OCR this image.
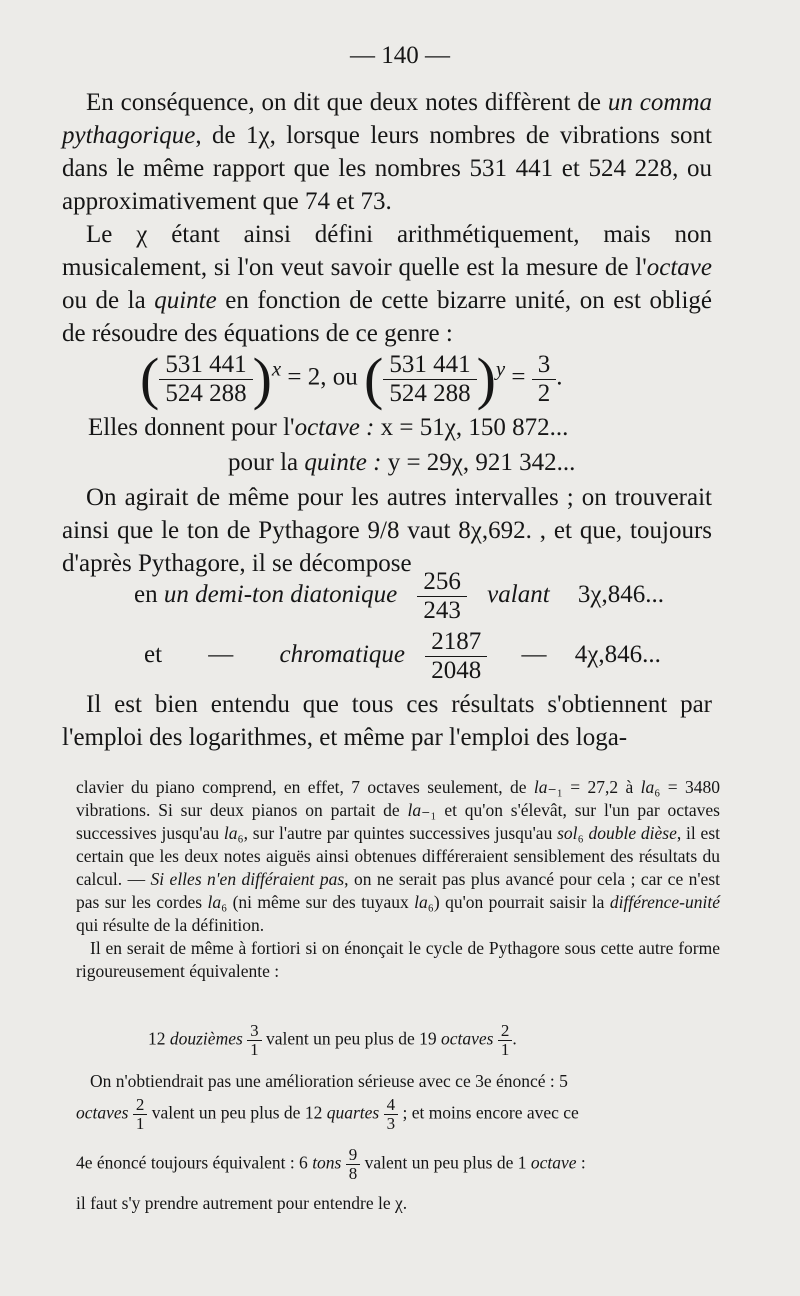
— 140 —

En conséquence, on dit que deux notes diffèrent de un comma pythagorique, de 1χ, lorsque leurs nombres de vibrations sont dans le même rapport que les nombres 531 441 et 524 228, ou approximativement que 74 et 73.

Le χ étant ainsi défini arithmétiquement, mais non musicalement, si l'on veut savoir quelle est la mesure de l'octave ou de la quinte en fonction de cette bizarre unité, on est obligé de résoudre des équations de ce genre :

( $\frac{531 441}{524 288} )^x = 2$, ou ( $\frac{531 441}{524 288} )^y = \frac{3}{2}$ .
Elles donnent pour l'octave : x = 51χ, 150 872...
pour la quinte : y = 29χ, 921 342...

On agirait de même pour les autres intervalles ; on trouverait ainsi que le ton de Pythagore 9/8 vaut 8χ,692. , et que, toujours d'après Pythagore, il se décompose

en un demi-ton diatonique $\frac{256}{243}$ valant 3χ,846...
et — chromatique $\frac{2187}{2048}$ — 4χ,846...

Il est bien entendu que tous ces résultats s'obtiennent par l'emploi des logarithmes, et même par l'emploi des loga-

clavier du piano comprend, en effet, 7 octaves seulement, de la₋₁ = 27,2 à la₆ = 3480 vibrations. Si sur deux pianos on partait de la₋₁ et qu'on s'élevât, sur l'un par octaves successives jusqu'au la₆, sur l'autre par quintes successives jusqu'au sol₆ double dièse, il est certain que les deux notes aiguës ainsi obtenues différeraient sensiblement des résultats du calcul. — Si elles n'en différaient pas, on ne serait pas plus avancé pour cela ; car ce n'est pas sur les cordes la₆ (ni même sur des tuyaux la₆) qu'on pourrait saisir la différence-unité qui résulte de la définition.

Il en serait de même à fortiori si on énonçait le cycle de Pythagore sous cette autre forme rigoureusement équivalente :

12 douzièmes $\frac{3}{1}$ valent un peu plus de 19 octaves $\frac{2}{1}$ .

On n'obtiendrait pas une amélioration sérieuse avec ce 3e énoncé : 5

octaves $\frac{2}{1}$ valent un peu plus de 12 quartes $\frac{4}{3}$ ; et moins encore avec ce
4e énoncé toujours équivalent : 6 tons $\frac{9}{8}$ valent un peu plus de 1 octave :
il faut s'y prendre autrement pour entendre le χ.
